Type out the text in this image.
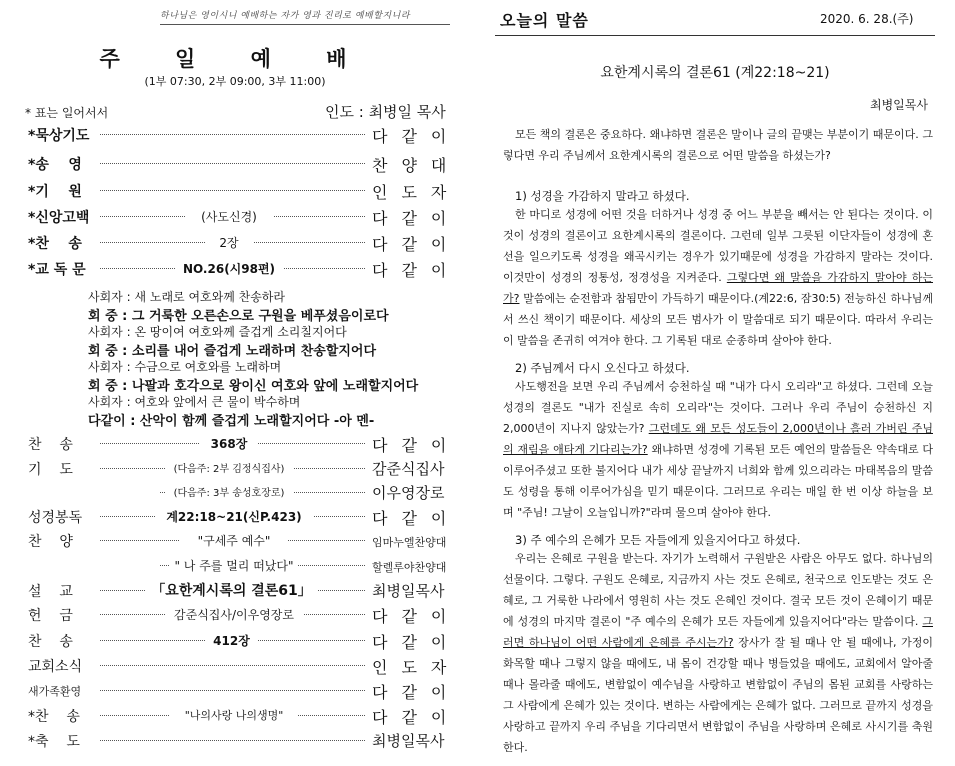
하나님은 영이시니 예배하는 자가 영과 진리로 예배할지니라
주 일 예 배
(1부 07:30, 2부 09:00, 3부 11:00)
* 표는 일어서서	인도 : 최병일 목사
*묵상기도	다같이
*송    영	찬양대
*기    원	인도자
*신앙고백	(사도신경)	다같이
*찬    송	2장	다같이
*교 독 문	NO.26(시98편)	다같이
사회자 : 새 노래로 여호와께 찬송하라
회 중 : 그 거룩한 오른손으로 구원을 베푸셨음이로다
사회자 : 온 땅이여 여호와께 즐겁게 소리칠지어다
회 중 : 소리를 내어 즐겁게 노래하며 찬송할지어다
사회자 : 수금으로 여호와를 노래하며
회 중 : 나팔과 호각으로 왕이신 여호와 앞에 노래할지어다
사회자 : 여호와 앞에서 큰 물이 박수하며
다같이 : 산악이 함께 즐겁게 노래할지어다 -아 멘-
찬    송	368장	다같이
기    도	(다음주: 2부 김정식집사)	감준식집사
(다음주: 3부 송성호장로)	이우영장로
성경봉독	계22:18~21(신P.423)	다같이
찬    양	"구세주 예수"	임마누엘찬양대
" 나 주를 멀리 떠났다"	할렐루야찬양대
설    교	「요한계시록의 결론61」	최병일목사
헌    금	감준식집사/이우영장로	다같이
찬    송	412장	다같이
교회소식	인도자
새가족환영	다같이
*찬    송	"나의사랑 나의생명"	다같이
*축    도	최병일목사
오늘의 말씀	2020. 6. 28.(주)
요한계시록의 결론61 (계22:18~21)
최병일목사
모든 책의 결론은 중요하다. 왜냐하면 결론은 말이나 글의 끝맺는 부분이기 때문이다. 그렇다면 우리 주님께서 요한계시록의 결론으로 어떤 말씀을 하셨는가?
1) 성경을 가감하지 말라고 하셨다.
한 마디로 성경에 어떤 것을 더하거나 성경 중 어느 부분을 빼서는 안 된다는 것이다. 이것이 성경의 결론이고 요한계시록의 결론이다. 그런데 일부 그릇된 이단자들이 성경에 혼선을 일으키도록 성경을 왜곡시키는 경우가 있기때문에 성경을 가감하지 말라는 것이다. 이것만이 성경의 정통성, 정경성을 지켜준다. 그렇다면 왜 말씀을 가감하지 말아야 하는가? 말씀에는 순전함과 참됨만이 가득하기 때문이다.(계22:6, 잠30:5) 전능하신 하나님께서 쓰신 책이기 때문이다. 세상의 모든 범사가 이 말씀대로 되기 때문이다. 따라서 우리는 이 말씀을 존귀히 여겨야 한다. 그 기록된 대로 순종하며 살아야 한다.
2) 주님께서 다시 오신다고 하셨다.
사도행전을 보면 우리 주님께서 승천하실 때 "내가 다시 오리라"고 하셨다. 그런데 오늘 성경의 결론도 "내가 진실로 속히 오리라"는 것이다. 그러나 우리 주님이 승천하신 지 2,000년이 지나지 않았는가? 그런데도 왜 모든 성도들이 2,000년이나 흘러 가버린 주님의 재림을 애타게 기다리는가? 왜냐하면 성경에 기록된 모든 예언의 말씀들은 약속대로 다 이루어주셨고 또한 불지어다 내가 세상 끝날까지 너희와 함께 있으리라는 마태복음의 말씀도 성령을 통해 이루어가심을 믿기 때문이다. 그러므로 우리는 매일 한 번 이상 하늘을 보며 "주님! 그날이 오늘입니까?"라며 물으며 살아야 한다.
3) 주 예수의 은혜가 모든 자들에게 있을지어다고 하셨다.
우리는 은혜로 구원을 받는다. 자기가 노력해서 구원받은 사람은 아무도 없다. 하나님의 선물이다. 그렇다. 구원도 은혜로, 지금까지 사는 것도 은혜로, 천국으로 인도받는 것도 은혜로, 그 거룩한 나라에서 영원히 사는 것도 은혜인 것이다. 결국 모든 것이 은혜이기 때문에 성경의 마지막 결론이 "주 예수의 은혜가 모든 자들에게 있을지어다"라는 말씀이다. 그러면 하나님이 어떤 사람에게 은혜를 주시는가? 장사가 잘 될 때나 안 될 때에나, 가정이 화목할 때나 그렇지 않을 때에도, 내 몸이 건강할 때나 병들었을 때에도, 교회에서 알아줄 때나 몰라줄 때에도, 변함없이 예수님을 사랑하고 변함없이 주님의 몸된 교회를 사랑하는 그 사람에게 은혜가 있는 것이다. 변하는 사람에게는 은혜가 없다. 그러므로 끝까지 성경을 사랑하고 끝까지 우리 주님을 기다리면서 변함없이 주님을 사랑하며 은혜로 사시기를 축원한다.
